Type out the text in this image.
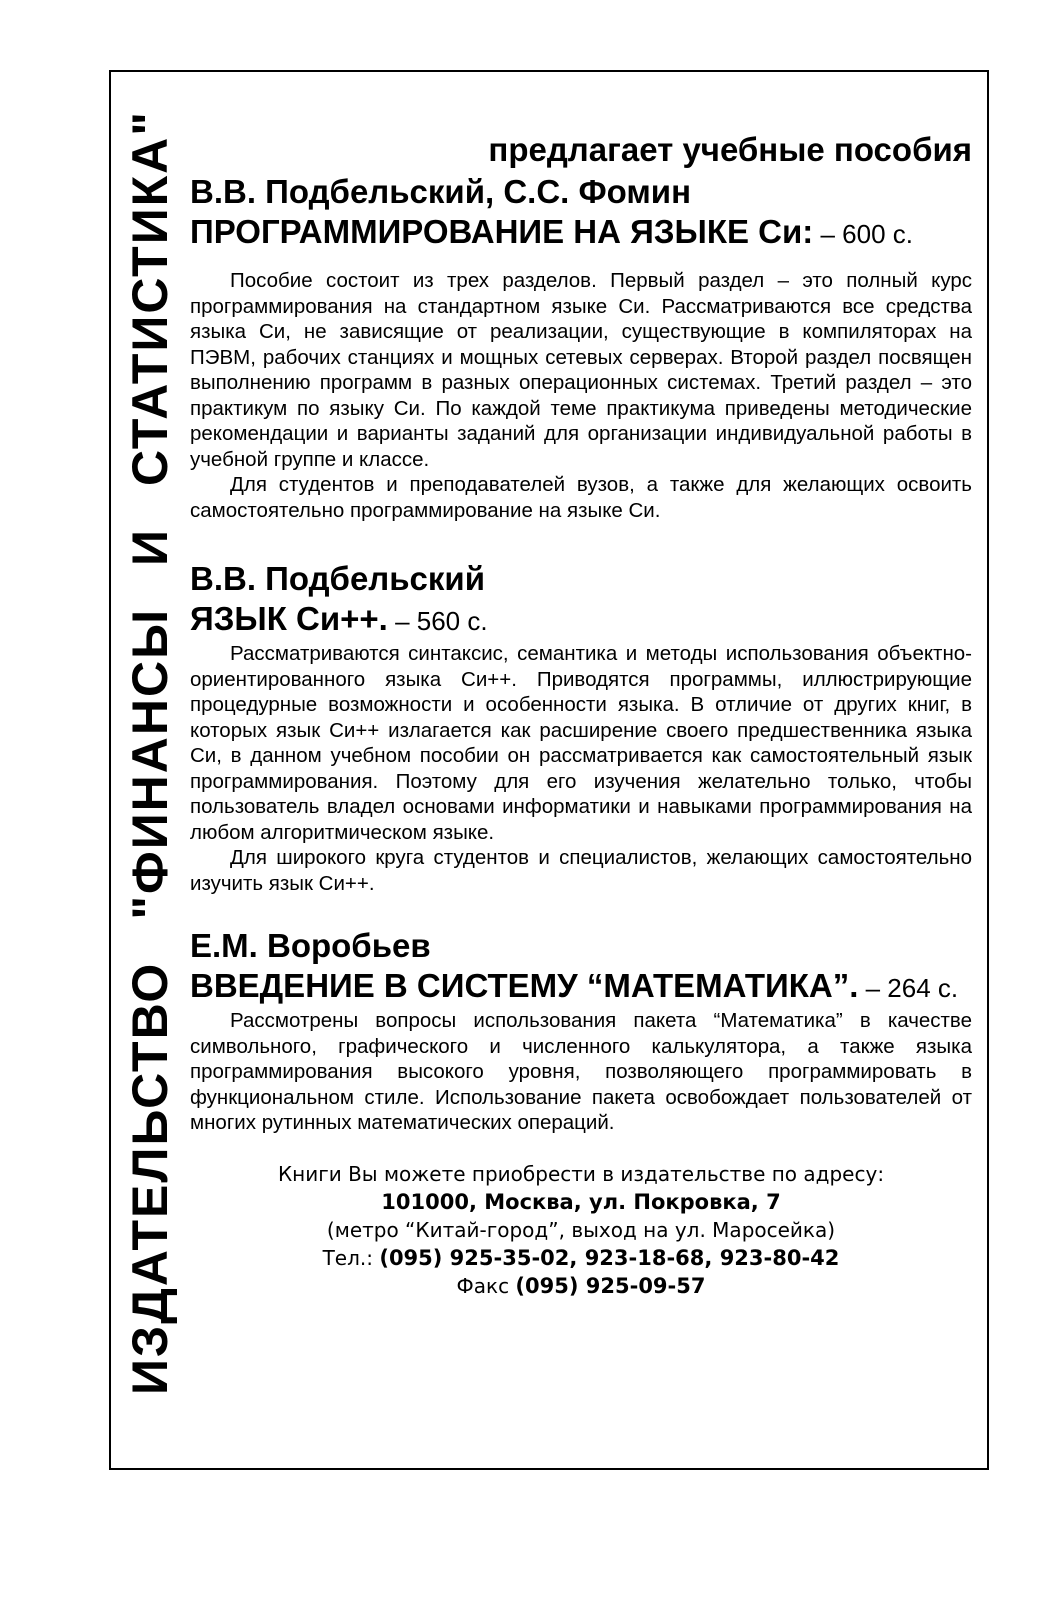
ИЗДАТЕЛЬСТВО "ФИНАНСЫ И СТАТИСТИКА"	предлагает учебные пособия

В.В. Подбельский, С.С. Фомин

ПРОГРАММИРОВАНИЕ НА ЯЗЫКЕ Си: – 600 с.

Пособие состоит из трех разделов. Первый раздел – это полный курс программирования на стандартном языке Си. Рассматриваются все средства языка Си, не зависящие от реализации, существующие в компиляторах на ПЭВМ, рабочих станциях и мощных сетевых серверах. Второй раздел посвящен выполнению программ в разных операционных системах. Третий раздел – это практикум по языку Си. По каждой теме практикума приведены методические рекомендации и варианты заданий для организации индивидуальной работы в учебной группе и классе.

Для студентов и преподавателей вузов, а также для желающих освоить самостоятельно программирование на языке Си.

В.В. Подбельский

ЯЗЫК Си++. – 560 с.

Рассматриваются синтаксис, семантика и методы использования объектно-ориентированного языка Си++. Приводятся программы, иллюстрирующие процедурные возможности и особенности языка. В отличие от других книг, в которых язык Си++ излагается как расширение своего предшественника языка Си, в данном учебном пособии он рассматривается как самостоятельный язык программирования. Поэтому для его изучения желательно только, чтобы пользователь владел основами информатики и навыками программирования на любом алгоритмическом языке.

Для широкого круга студентов и специалистов, желающих самостоятельно изучить язык Си++.

Е.М. Воробьев

ВВЕДЕНИЕ В СИСТЕМУ “МАТЕМАТИКА”. – 264 с.

Рассмотрены вопросы использования пакета “Математика” в качестве символьного, графического и численного калькулятора, а также языка программирования высокого уровня, позволяющего программировать в функциональном стиле. Использование пакета освобождает пользователей от многих рутинных математических операций.

Книги Вы можете приобрести в издательстве по адресу:
101000, Москва, ул. Покровка, 7
(метро “Китай-город”, выход на ул. Маросейка)
Тел.: (095) 925-35-02, 923-18-68, 923-80-42
Факс (095) 925-09-57
